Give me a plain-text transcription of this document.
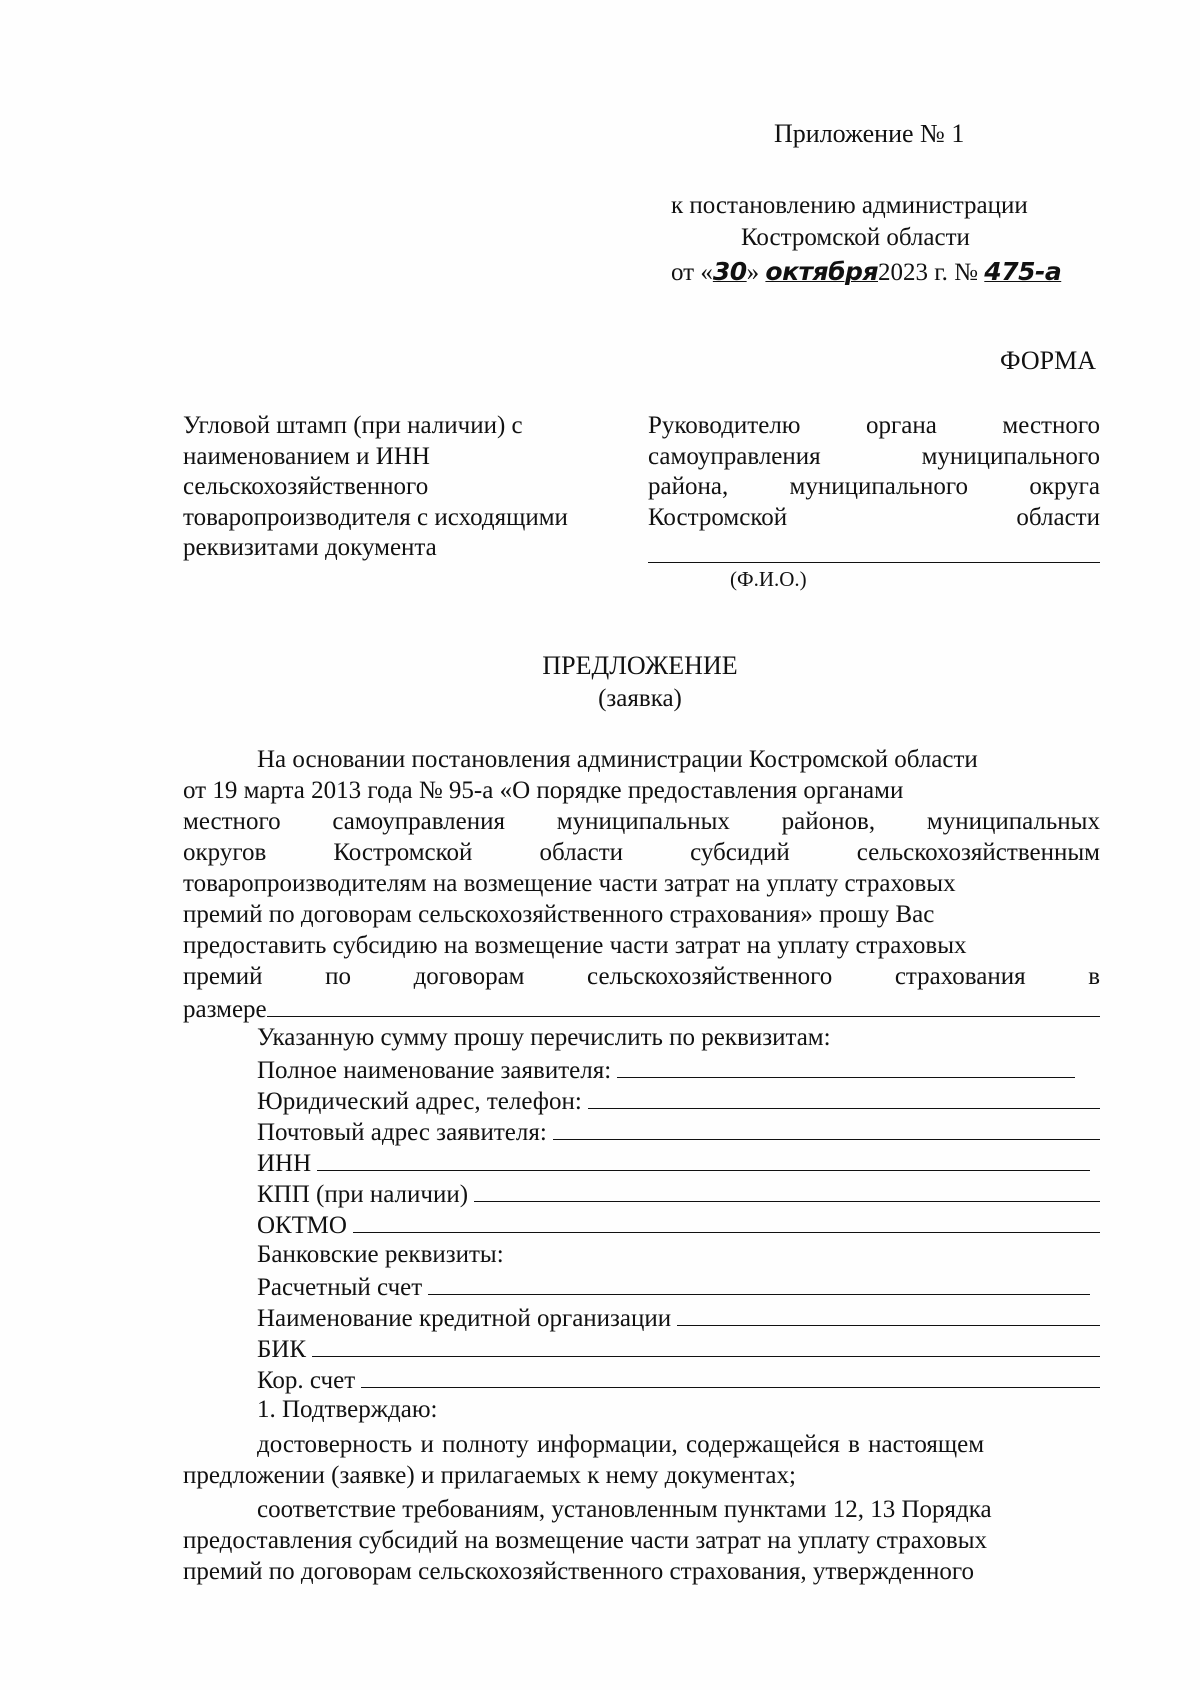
Приложение № 1
к постановлению администрации
Костромской области
от «30» октября2023 г. № 475-а
ФОРМА
Угловой штамп (при наличии) с
наименованием и ИНН
сельскохозяйственного
товаропроизводителя с исходящими
реквизитами документа
Руководителю	органа	местного
самоуправления	муниципального
района, муниципального округа
Костромской	области
(Ф.И.О.)
ПРЕДЛОЖЕНИЕ
(заявка)
На основании постановления администрации Костромской области
от 19 марта 2013 года № 95-а «О порядке предоставления органами
местного самоуправления муниципальных районов, муниципальных
округов	Костромской	области	субсидий	сельскохозяйственным
товаропроизводителям на возмещение части затрат на уплату страховых
премий по договорам сельскохозяйственного страхования» прошу Вас
предоставить субсидию на возмещение части затрат на уплату страховых
премий	по	договорам	сельскохозяйственного	страхования	в
размере
Указанную сумму прошу перечислить по реквизитам:
Полное наименование заявителя:
Юридический адрес, телефон:
Почтовый адрес заявителя:
ИНН
КПП (при наличии)
ОКТМО
Банковские реквизиты:
Расчетный счет
Наименование кредитной организации
БИК
Кор. счет
1. Подтверждаю:
достоверность и полноту информации, содержащейся в настоящем
предложении (заявке) и прилагаемых к нему документах;
соответствие требованиям, установленным пунктами 12, 13 Порядка
предоставления субсидий на возмещение части затрат на уплату страховых
премий по договорам сельскохозяйственного страхования, утвержденного
